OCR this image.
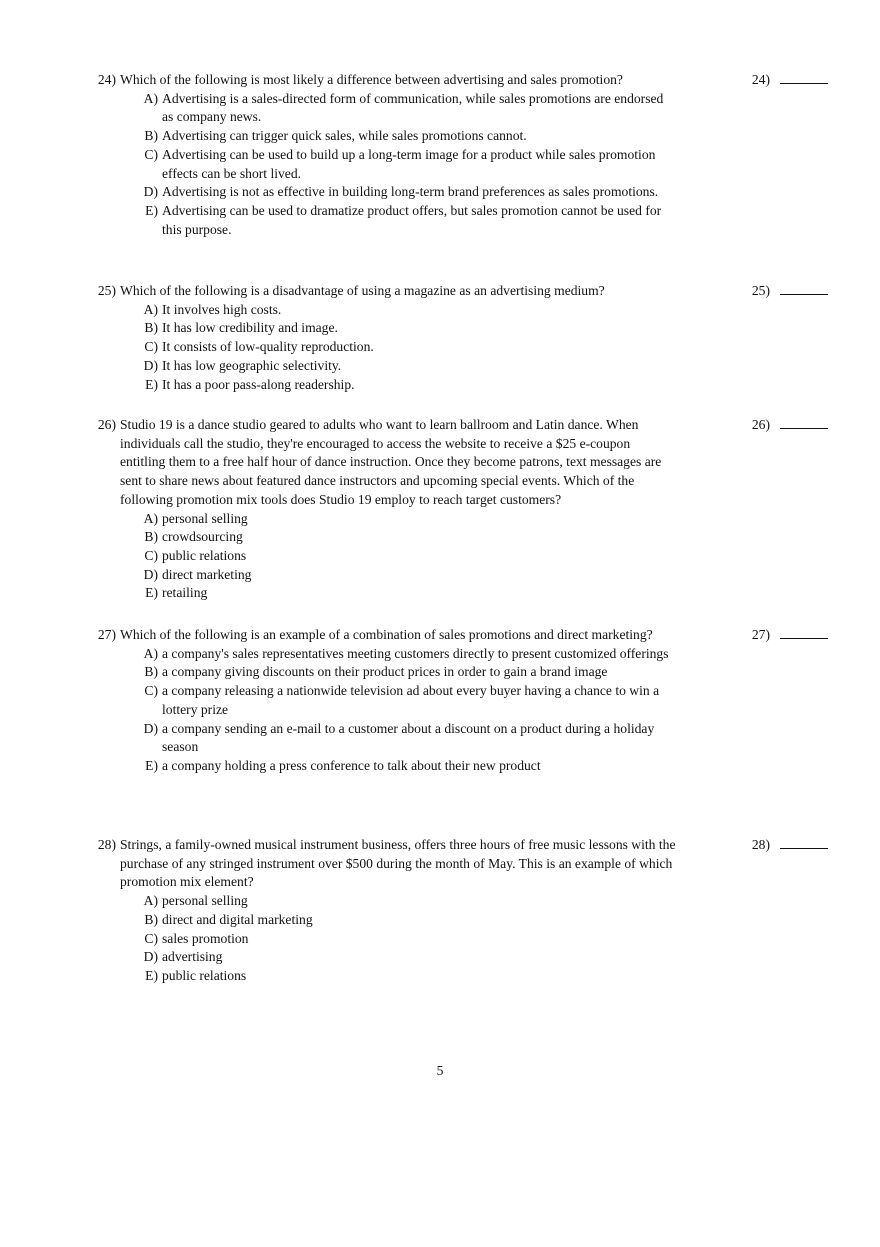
24) Which of the following is most likely a difference between advertising and sales promotion?	24)
A) Advertising is a sales-directed form of communication, while sales promotions are endorsed as company news.
B) Advertising can trigger quick sales, while sales promotions cannot.
C) Advertising can be used to build up a long-term image for a product while sales promotion effects can be short lived.
D) Advertising is not as effective in building long-term brand preferences as sales promotions.
E) Advertising can be used to dramatize product offers, but sales promotion cannot be used for this purpose.
25) Which of the following is a disadvantage of using a magazine as an advertising medium?	25)
A) It involves high costs.
B) It has low credibility and image.
C) It consists of low-quality reproduction.
D) It has low geographic selectivity.
E) It has a poor pass-along readership.
26) Studio 19 is a dance studio geared to adults who want to learn ballroom and Latin dance. When individuals call the studio, they're encouraged to access the website to receive a $25 e-coupon entitling them to a free half hour of dance instruction. Once they become patrons, text messages are sent to share news about featured dance instructors and upcoming special events. Which of the following promotion mix tools does Studio 19 employ to reach target customers?
26)
A) personal selling
B) crowdsourcing
C) public relations
D) direct marketing
E) retailing
27) Which of the following is an example of a combination of sales promotions and direct marketing?	27)
A) a company's sales representatives meeting customers directly to present customized offerings
B) a company giving discounts on their product prices in order to gain a brand image
C) a company releasing a nationwide television ad about every buyer having a chance to win a lottery prize
D) a company sending an e-mail to a customer about a discount on a product during a holiday season
E) a company holding a press conference to talk about their new product
28) Strings, a family-owned musical instrument business, offers three hours of free music lessons with the purchase of any stringed instrument over $500 during the month of May. This is an example of which promotion mix element?
28)
A) personal selling
B) direct and digital marketing
C) sales promotion
D) advertising
E) public relations
5
